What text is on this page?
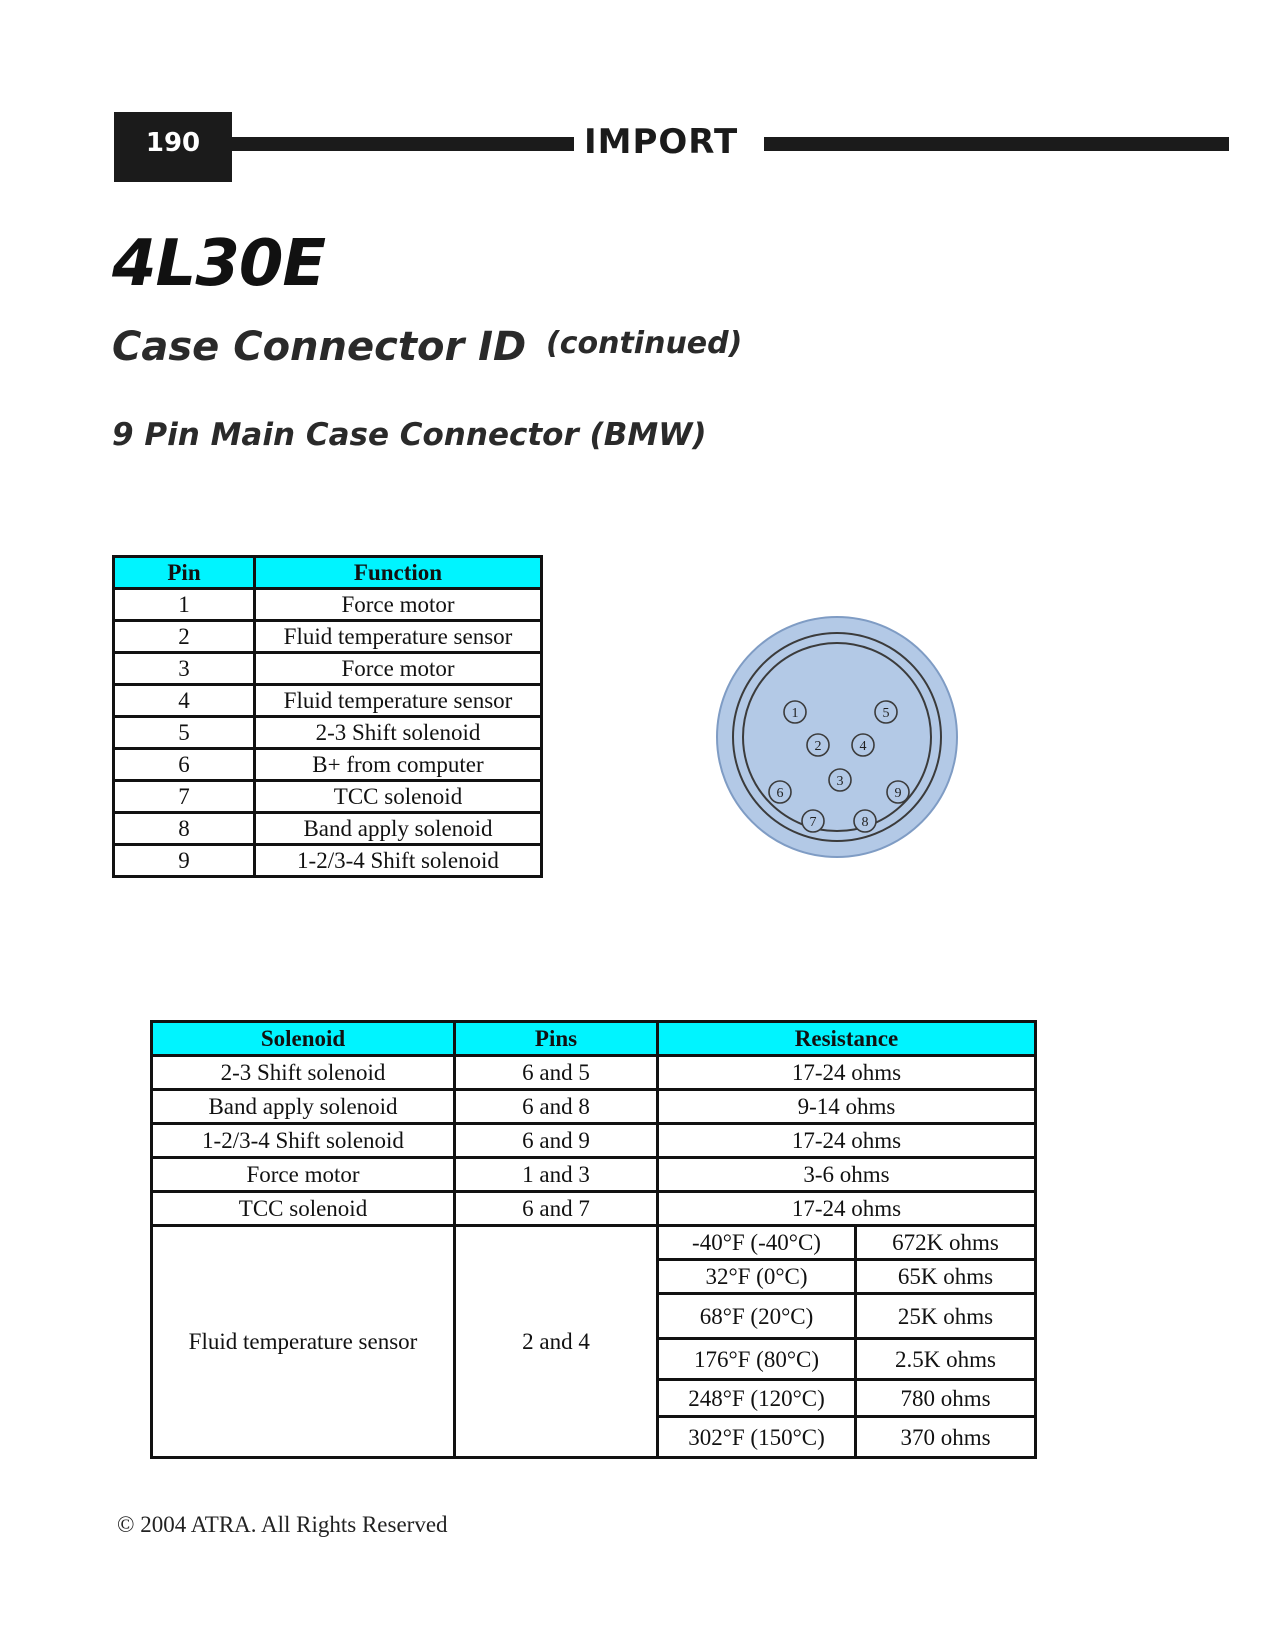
190	IMPORT
4L30E
Case Connector ID (continued)
9 Pin Main Case Connector (BMW)
Pin	Function
1	Force motor
2	Fluid temperature sensor
3	Force motor
4	Fluid temperature sensor
5	2-3 Shift solenoid
6	B+ from computer
7	TCC solenoid
8	Band apply solenoid
9	1-2/3-4 Shift solenoid
1
2
3
4
5
6
7	8
9
Solenoid	Pins	Resistance	
2-3 Shift solenoid	6 and 5	17-24 ohms	
Band apply solenoid	6 and 8	9-14 ohms	
1-2/3-4 Shift solenoid	6 and 9	17-24 ohms	
Force motor	1 and 3	3-6 ohms	
TCC solenoid	6 and 7	17-24 ohms	
Fluid temperature sensor	2 and 4	-40°F (-40°C)	672K ohms
		32°F (0°C)	65K ohms
		68°F (20°C)	25K ohms
		176°F (80°C)	2.5K ohms
		248°F (120°C)	780 ohms
		302°F (150°C)	370 ohms
© 2004 ATRA. All Rights Reserved
